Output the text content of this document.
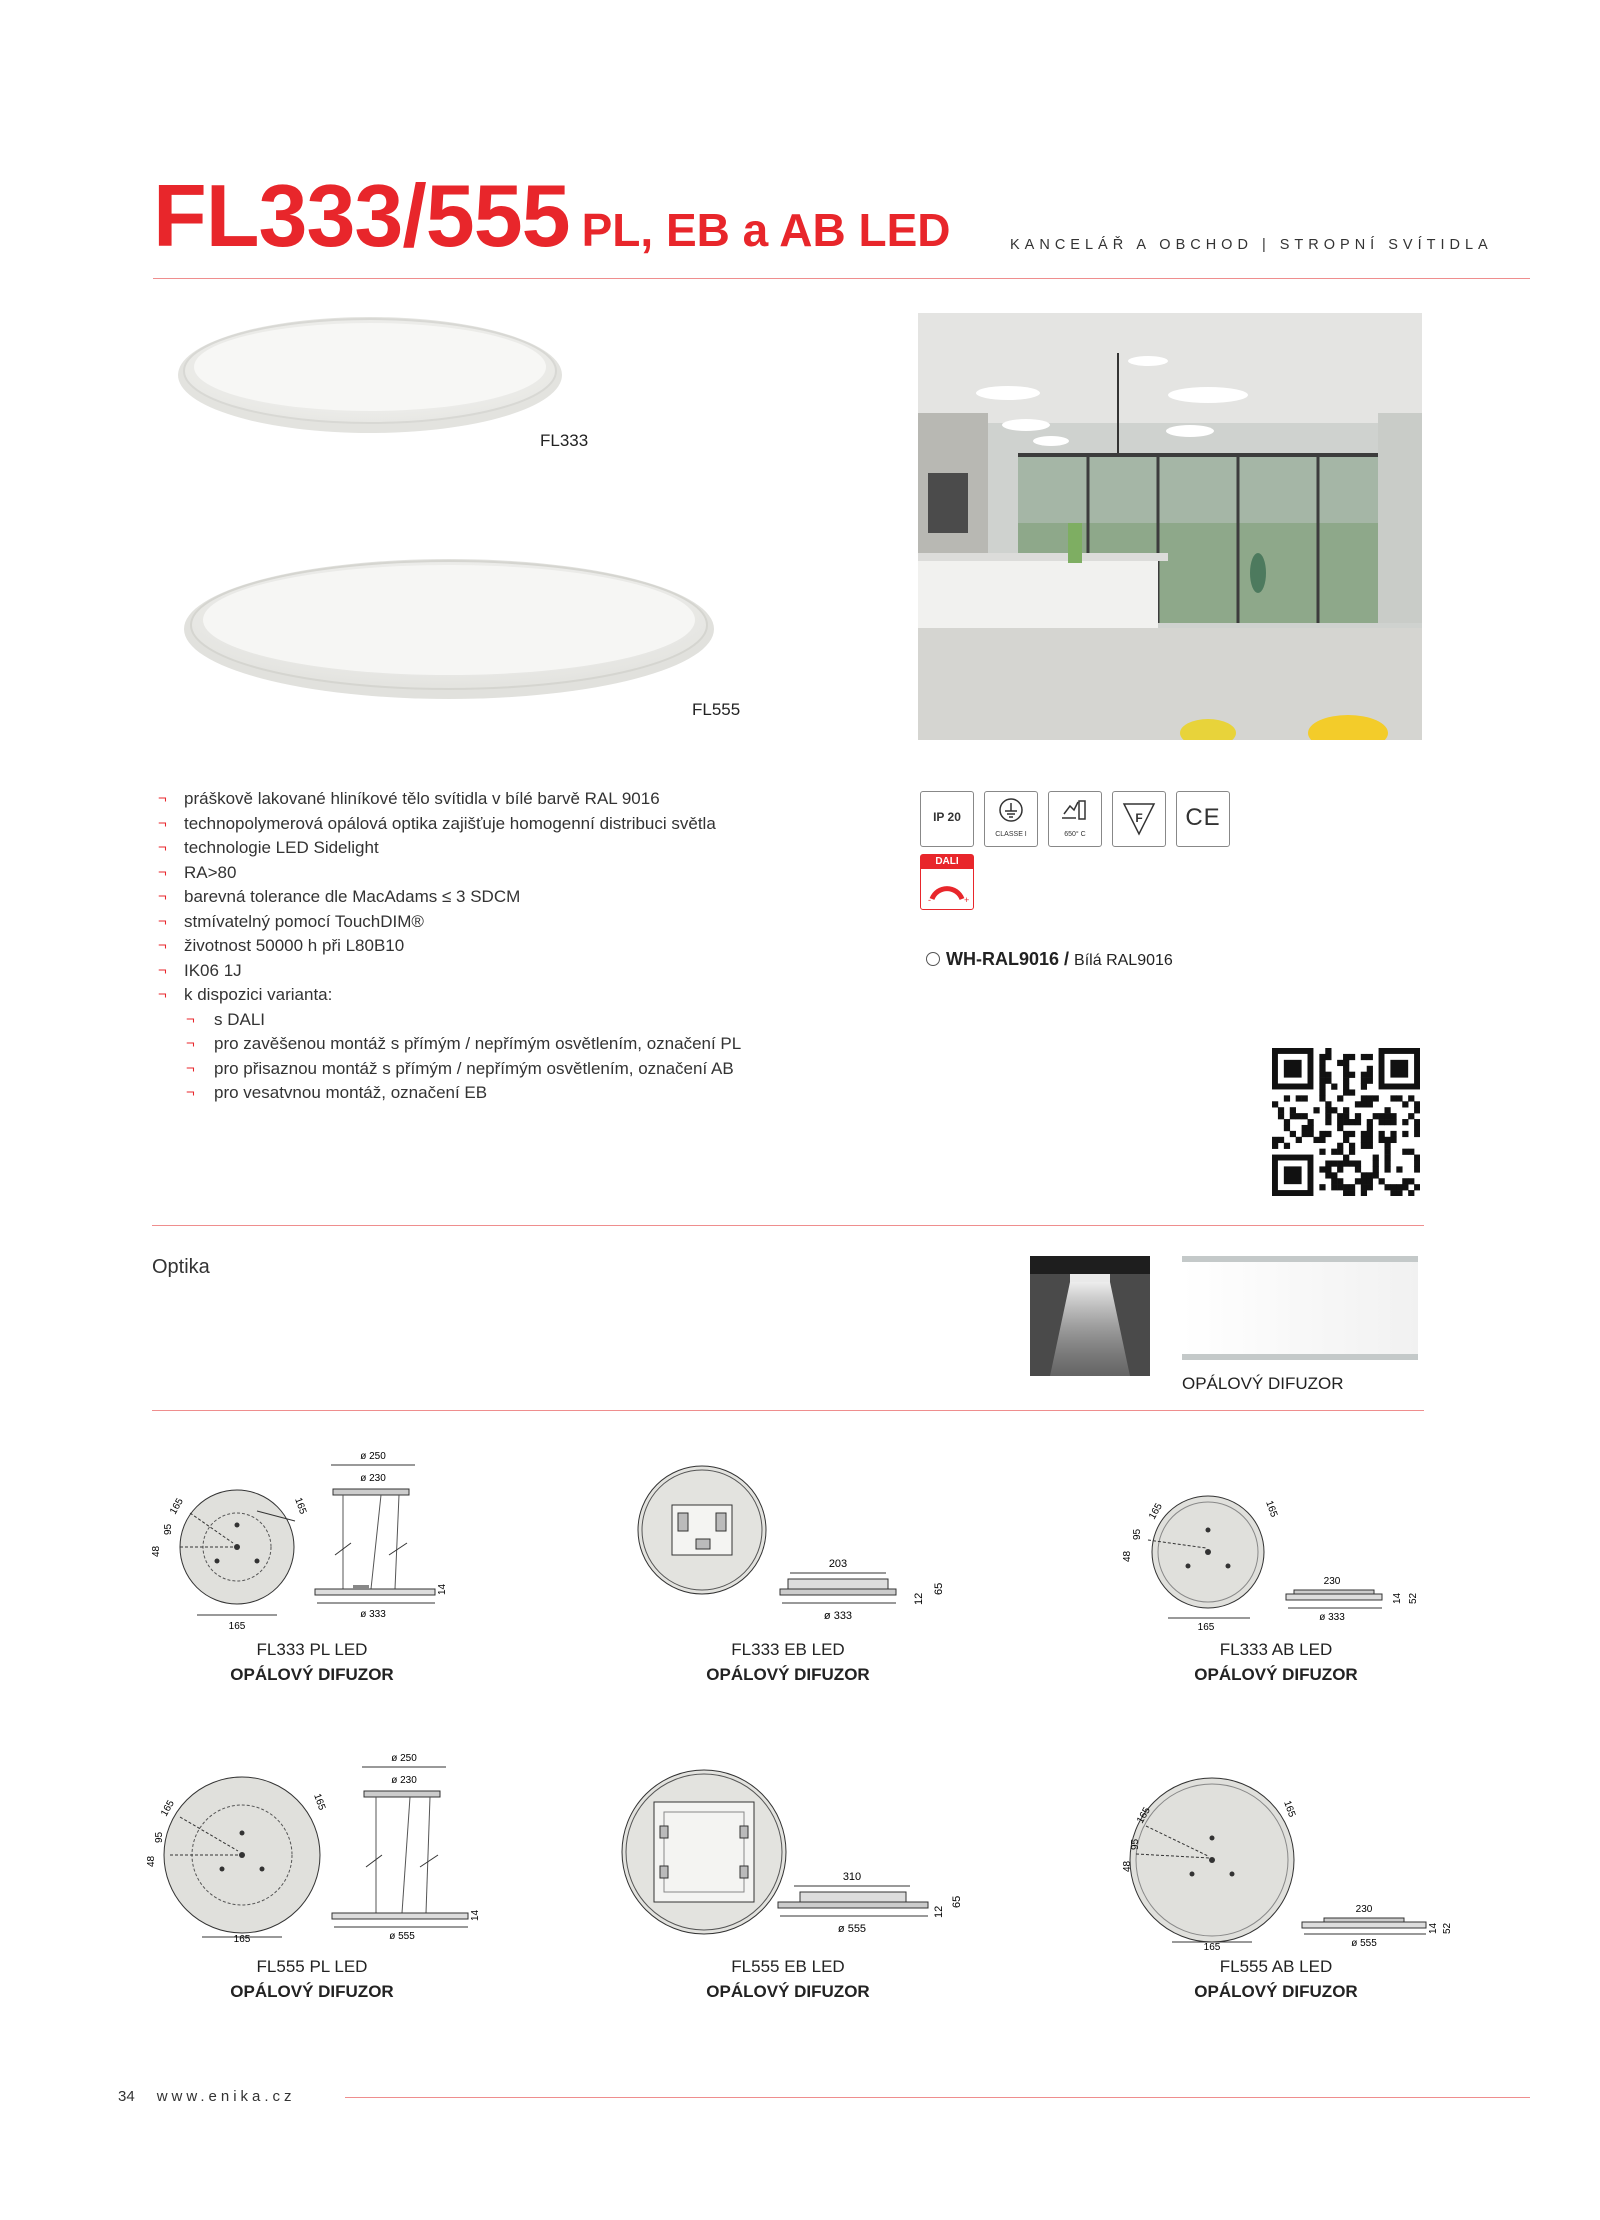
FL333/555 PL, EB a AB LED	KANCELÁŘ A OBCHOD | STROPNÍ SVÍTIDLA
FL333
FL555
¬ práškově lakované hliníkové tělo svítidla v bílé barvě RAL 9016
¬ technopolymerová opálová optika zajišťuje homogenní distribuci světla
¬ technologie LED Sidelight
¬ RA>80
¬ barevná tolerance dle MacAdams ≤ 3 SDCM
¬ stmívatelný pomocí TouchDIM®
¬ životnost 50000 h při L80B10
¬ IK06 1J
¬ k dispozici varianta:
¬ s DALI
¬ pro zavěšenou montáž s přímým / nepřímým osvětlením, označení PL
¬ pro přisaznou montáž s přímým / nepřímým osvětlením, označení AB
¬ pro vesatvnou montáž, označení EB
IP 20
CLASSE I	650° C
F	CE
DALI
-	+
WH-RAL9016 / Bílá RAL9016
Optika
OPÁLOVÝ DIFUZOR
165
48
95
165	165
ø 250
ø 230
ø 333
14
FL333 PL LED
OPÁLOVÝ DIFUZOR
203
ø 333
12
65
FL333 EB LED
OPÁLOVÝ DIFUZOR
165
48
95
165	165
230
ø 333
14 52
FL333 AB LED
OPÁLOVÝ DIFUZOR
165
48
95
165	165
ø 250
ø 230
ø 555
14
FL555 PL LED
OPÁLOVÝ DIFUZOR
310
ø 555
12
65
FL555 EB LED
OPÁLOVÝ DIFUZOR
165
48
95
165	165
230
ø 555
14 52
FL555 AB LED
OPÁLOVÝ DIFUZOR
34 www.enika.cz
